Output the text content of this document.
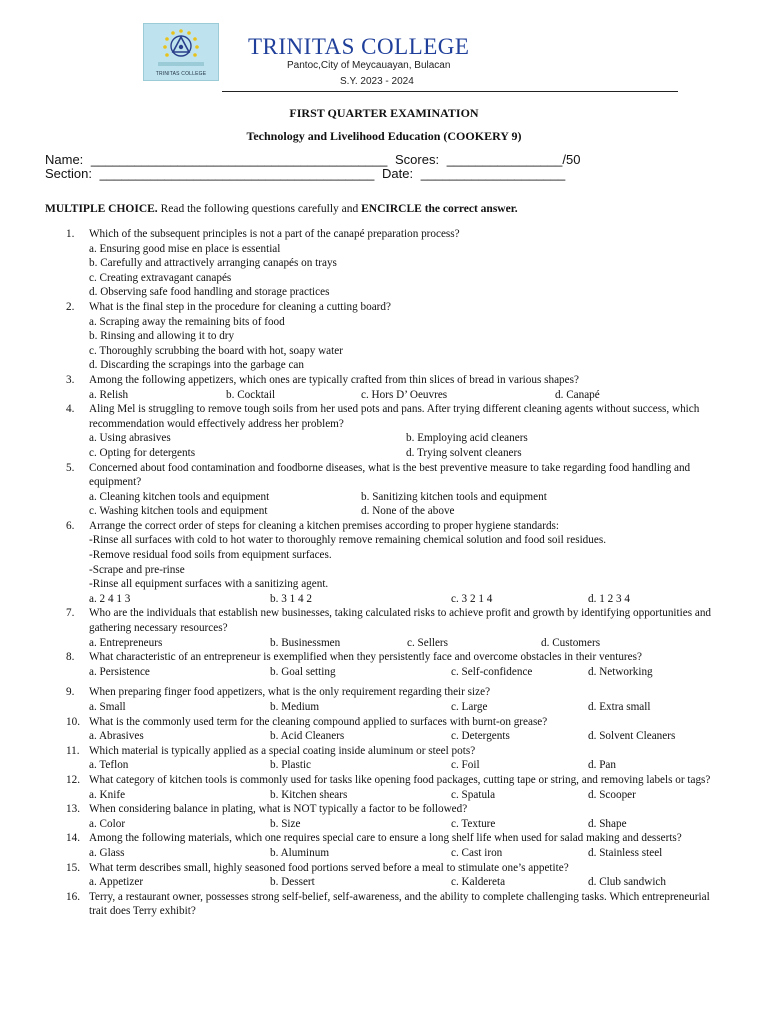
TRINITAS COLLEGE
TRINITAS COLLEGE
Pantoc,City of Meycauayan, Bulacan
S.Y. 2023 - 2024
FIRST QUARTER EXAMINATION
Technology and Livelihood Education (COOKERY 9)
Name: _________________________________________ Scores: ________________/50
Section: ______________________________________ Date: ____________________
MULTIPLE CHOICE. Read the following questions carefully and ENCIRCLE the correct answer.
1. Which of the subsequent principles is not a part of the canapé preparation process?
a. Ensuring good mise en place is essential
b. Carefully and attractively arranging canapés on trays
c. Creating extravagant canapés
d. Observing safe food handling and storage practices
2. What is the final step in the procedure for cleaning a cutting board?
a. Scraping away the remaining bits of food
b. Rinsing and allowing it to dry
c. Thoroughly scrubbing the board with hot, soapy water
d. Discarding the scrapings into the garbage can
3. Among the following appetizers, which ones are typically crafted from thin slices of bread in various shapes?
a. Relish	b. Cocktail	c. Hors D’ Oeuvres	d. Canapé
4. Aling Mel is struggling to remove tough soils from her used pots and pans. After trying different cleaning agents without success, which recommendation would effectively address her problem?
a. Using abrasives	b. Employing acid cleaners
c. Opting for detergents	d. Trying solvent cleaners
5. Concerned about food contamination and foodborne diseases, what is the best preventive measure to take regarding food handling and equipment?
a. Cleaning kitchen tools and equipment	b. Sanitizing kitchen tools and equipment
c. Washing kitchen tools and equipment	d. None of the above
6. Arrange the correct order of steps for cleaning a kitchen premises according to proper hygiene standards:
-Rinse all surfaces with cold to hot water to thoroughly remove remaining chemical solution and food soil residues.
-Remove residual food soils from equipment surfaces.
-Scrape and pre-rinse
-Rinse all equipment surfaces with a sanitizing agent.
a. 2 4 1 3	b. 3 1 4 2	c. 3 2 1 4	d. 1 2 3 4
7. Who are the individuals that establish new businesses, taking calculated risks to achieve profit and growth by identifying opportunities and gathering necessary resources?
a. Entrepreneurs	b. Businessmen	c. Sellers	d. Customers
8. What characteristic of an entrepreneur is exemplified when they persistently face and overcome obstacles in their ventures?
a. Persistence	b. Goal setting	c. Self-confidence	d. Networking
9. When preparing finger food appetizers, what is the only requirement regarding their size?
a. Small	b. Medium	c. Large	d. Extra small
10. What is the commonly used term for the cleaning compound applied to surfaces with burnt-on grease?
a. Abrasives	b. Acid Cleaners	c. Detergents	d. Solvent Cleaners
11. Which material is typically applied as a special coating inside aluminum or steel pots?
a. Teflon	b. Plastic	c. Foil	d. Pan
12. What category of kitchen tools is commonly used for tasks like opening food packages, cutting tape or string, and removing labels or tags?
a. Knife	b. Kitchen shears	c. Spatula	d. Scooper
13. When considering balance in plating, what is NOT typically a factor to be followed?
a. Color	b. Size	c. Texture	d. Shape
14. Among the following materials, which one requires special care to ensure a long shelf life when used for salad making and desserts?
a. Glass	b. Aluminum	c. Cast iron	d. Stainless steel
15. What term describes small, highly seasoned food portions served before a meal to stimulate one’s appetite?
a. Appetizer	b. Dessert	c. Kaldereta	d. Club sandwich
16. Terry, a restaurant owner, possesses strong self-belief, self-awareness, and the ability to complete challenging tasks. Which entrepreneurial trait does Terry exhibit?
